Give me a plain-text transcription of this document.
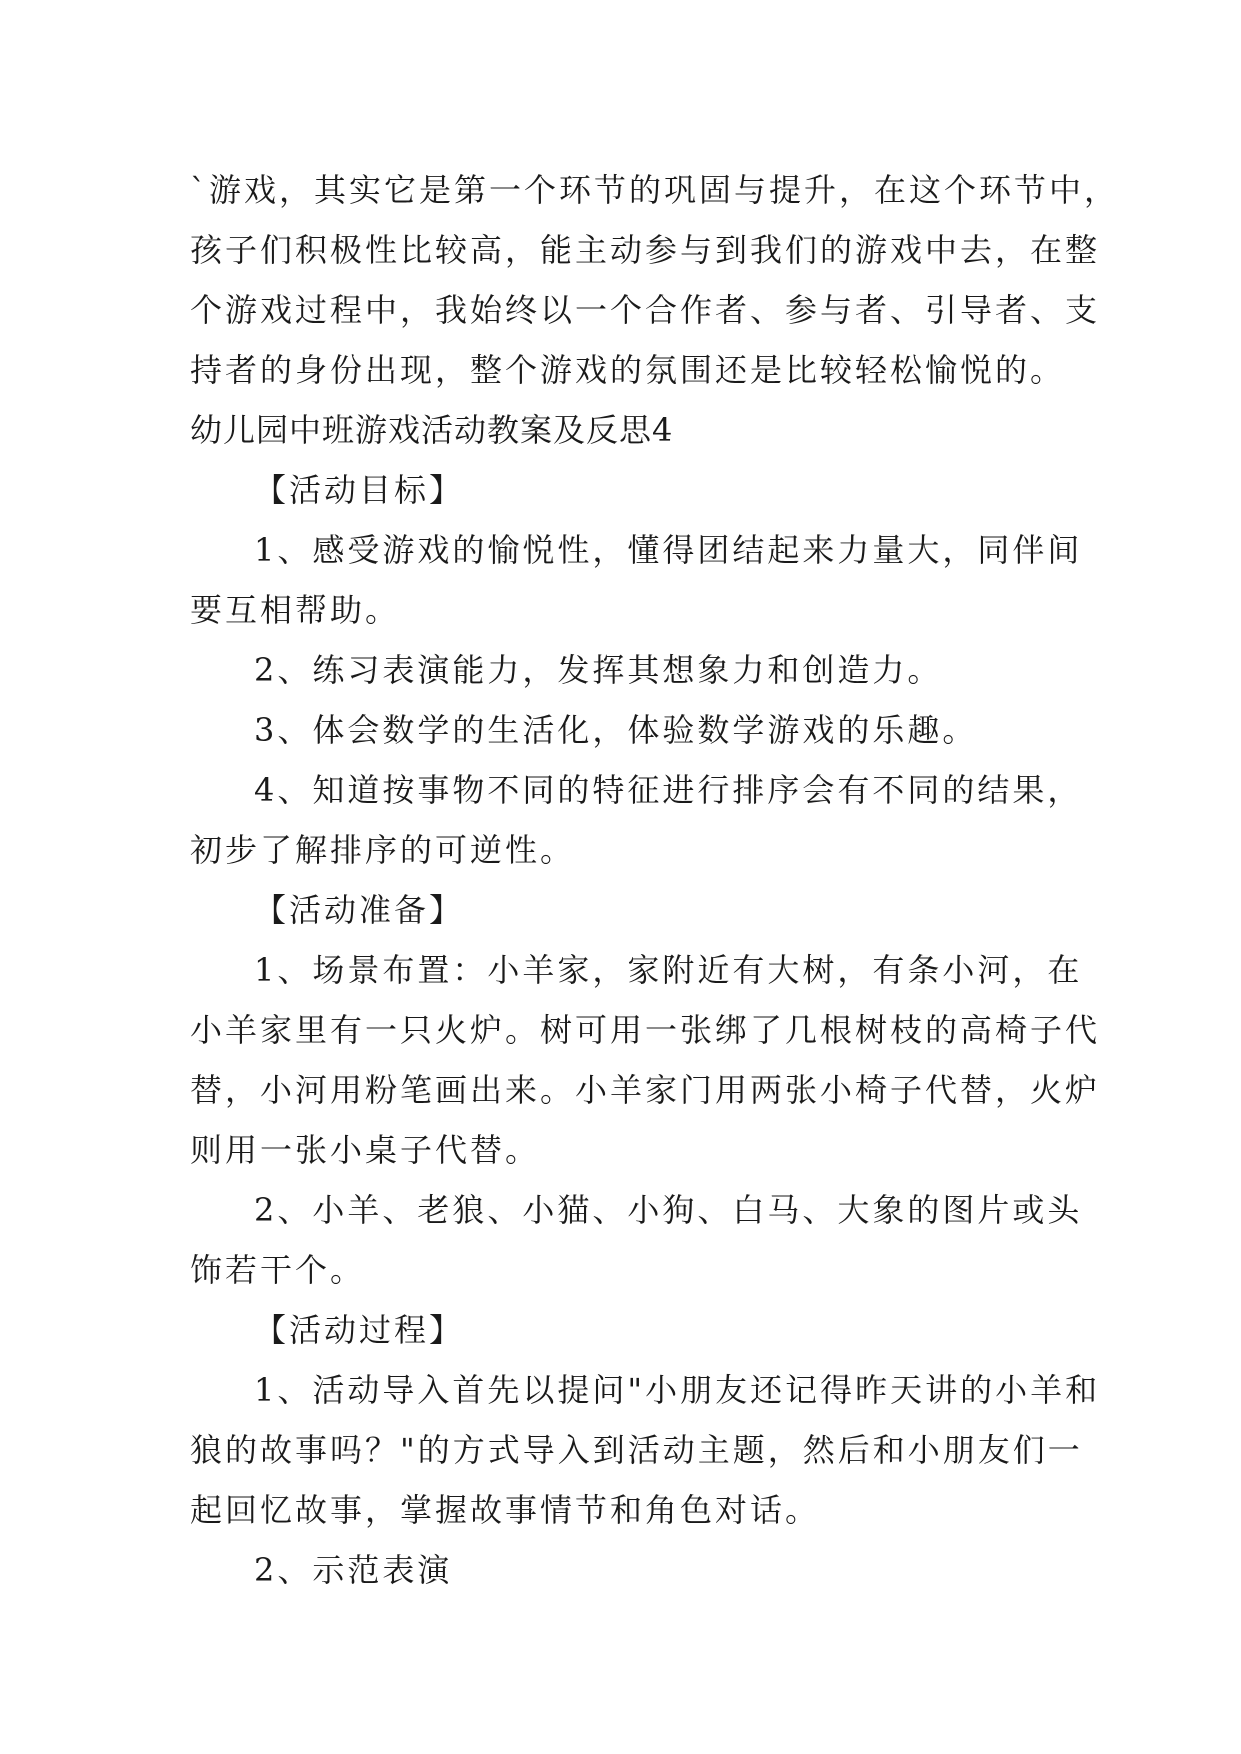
`游戏，其实它是第一个环节的巩固与提升，在这个环节中，
孩子们积极性比较高，能主动参与到我们的游戏中去，在整
个游戏过程中，我始终以一个合作者、参与者、引导者、支
持者的身份出现，整个游戏的氛围还是比较轻松愉悦的。
幼儿园中班游戏活动教案及反思4
【活动目标】
1、感受游戏的愉悦性，懂得团结起来力量大，同伴间
要互相帮助。
2、练习表演能力，发挥其想象力和创造力。
3、体会数学的生活化，体验数学游戏的乐趣。
4、知道按事物不同的特征进行排序会有不同的结果，
初步了解排序的可逆性。
【活动准备】
1、场景布置：小羊家，家附近有大树，有条小河，在
小羊家里有一只火炉。树可用一张绑了几根树枝的高椅子代
替，小河用粉笔画出来。小羊家门用两张小椅子代替，火炉
则用一张小桌子代替。
2、小羊、老狼、小猫、小狗、白马、大象的图片或头
饰若干个。
【活动过程】
1、活动导入首先以提问"小朋友还记得昨天讲的小羊和
狼的故事吗？"的方式导入到活动主题，然后和小朋友们一
起回忆故事，掌握故事情节和角色对话。
2、示范表演
